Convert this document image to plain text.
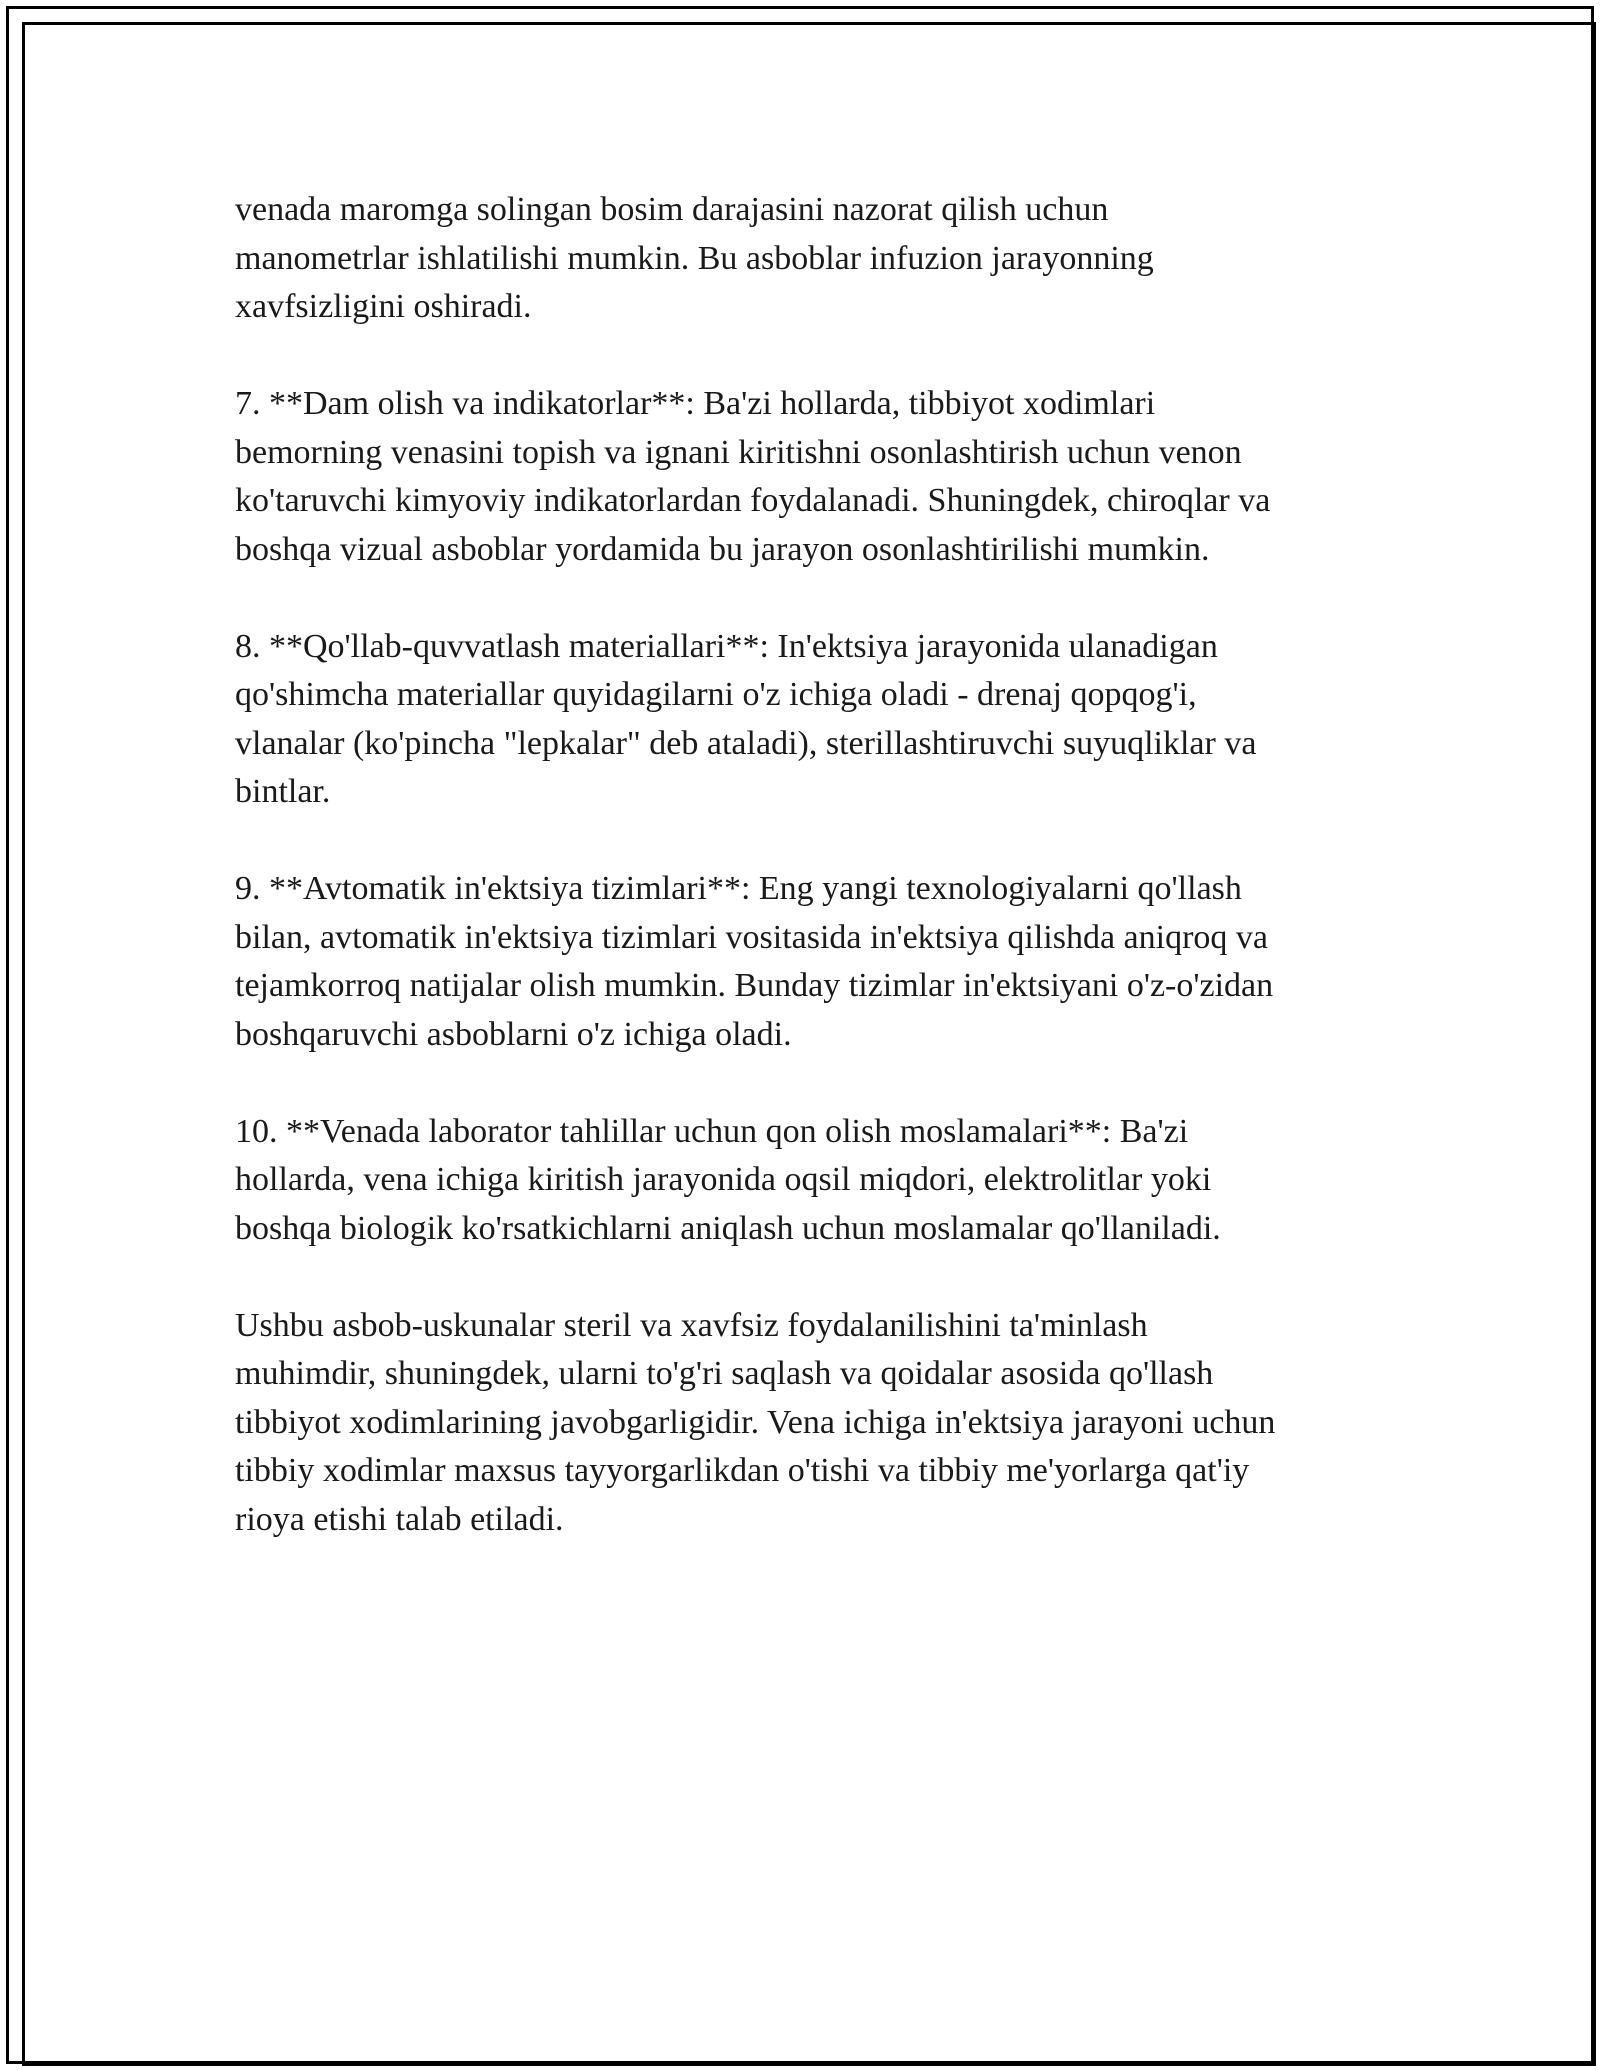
venada maromga solingan bosim darajasini nazorat qilish uchun
manometrlar ishlatilishi mumkin. Bu asboblar infuzion jarayonning
xavfsizligini oshiradi.

7. **Dam olish va indikatorlar**: Ba'zi hollarda, tibbiyot xodimlari
bemorning venasini topish va ignani kiritishni osonlashtirish uchun venon
ko'taruvchi kimyoviy indikatorlardan foydalanadi. Shuningdek, chiroqlar va
boshqa vizual asboblar yordamida bu jarayon osonlashtirilishi mumkin.

8. **Qo'llab-quvvatlash materiallari**: In'ektsiya jarayonida ulanadigan
qo'shimcha materiallar quyidagilarni o'z ichiga oladi - drenaj qopqog'i,
vlanalar (ko'pincha "lepkalar" deb ataladi), sterillashtiruvchi suyuqliklar va
bintlar.

9. **Avtomatik in'ektsiya tizimlari**: Eng yangi texnologiyalarni qo'llash
bilan, avtomatik in'ektsiya tizimlari vositasida in'ektsiya qilishda aniqroq va
tejamkorroq natijalar olish mumkin. Bunday tizimlar in'ektsiyani o'z-o'zidan
boshqaruvchi asboblarni o'z ichiga oladi.

10. **Venada laborator tahlillar uchun qon olish moslamalari**: Ba'zi
hollarda, vena ichiga kiritish jarayonida oqsil miqdori, elektrolitlar yoki
boshqa biologik ko'rsatkichlarni aniqlash uchun moslamalar qo'llaniladi.

Ushbu asbob-uskunalar steril va xavfsiz foydalanilishini ta'minlash
muhimdir, shuningdek, ularni to'g'ri saqlash va qoidalar asosida qo'llash
tibbiyot xodimlarining javobgarligidir. Vena ichiga in'ektsiya jarayoni uchun
tibbiy xodimlar maxsus tayyorgarlikdan o'tishi va tibbiy me'yorlarga qat'iy
rioya etishi talab etiladi.
